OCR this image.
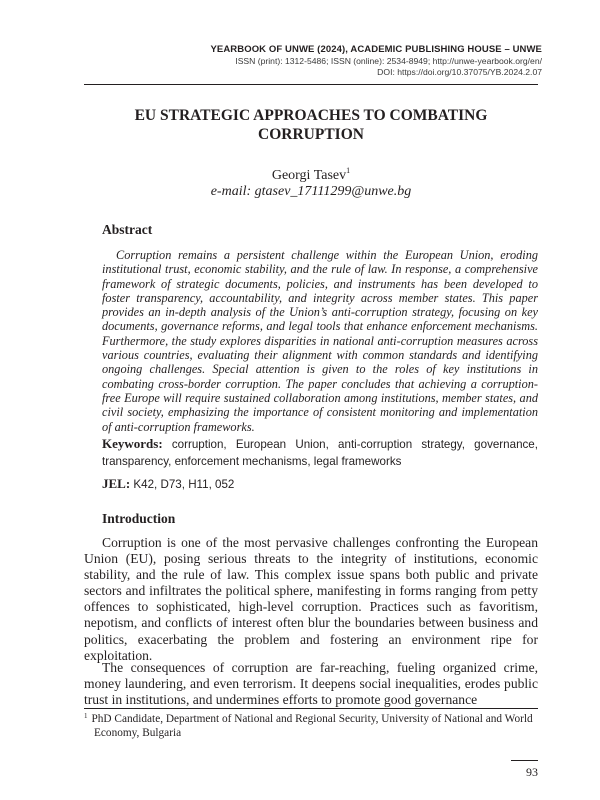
YEARBOOK OF UNWE (2024), ACADEMIC PUBLISHING HOUSE – UNWE
ISSN (print): 1312-5486; ISSN (online): 2534-8949; http://unwe-yearbook.org/en/
DOI: https://doi.org/10.37075/YB.2024.2.07
EU STRATEGIC APPROACHES TO COMBATING
CORRUPTION
Georgi Tasev$^1$
e-mail: gtasev_17111299@unwe.bg
Abstract

Corruption remains a persistent challenge within the European Union, eroding institutional trust, economic stability, and the rule of law. In response, a comprehensive framework of strategic documents, policies, and instruments has been developed to foster transparency, accountability, and integrity across member states. This paper provides an in-depth analysis of the Union’s anti-corruption strategy, focusing on key documents, governance reforms, and legal tools that enhance enforcement mechanisms. Furthermore, the study explores disparities in national anti-corruption measures across various countries, evaluating their alignment with common standards and identifying ongoing challenges. Special attention is given to the roles of key institutions in combating cross-border corruption. The paper concludes that achieving a corruption-free Europe will require sustained collaboration among institutions, member states, and civil society, emphasizing the importance of consistent monitoring and implementation of anti-corruption frameworks.

Keywords: corruption, European Union, anti-corruption strategy, governance, transparency, enforcement mechanisms, legal frameworks

JEL: K42, D73, H11, 052

Introduction

Corruption is one of the most pervasive challenges confronting the European Union (EU), posing serious threats to the integrity of institutions, economic stability, and the rule of law. This complex issue spans both public and private sectors and infiltrates the political sphere, manifesting in forms ranging from petty offences to sophisticated, high-level corruption. Practices such as favoritism, nepotism, and conflicts of interest often blur the boundaries between business and politics, exacerbating the problem and fostering an environment ripe for exploitation.

The consequences of corruption are far-reaching, fueling organized crime, money laundering, and even terrorism. It deepens social inequalities, erodes public trust in institutions, and undermines efforts to promote good governance

$^1$ PhD Candidate, Department of National and Regional Security, University of National and World Economy, Bulgaria

93
